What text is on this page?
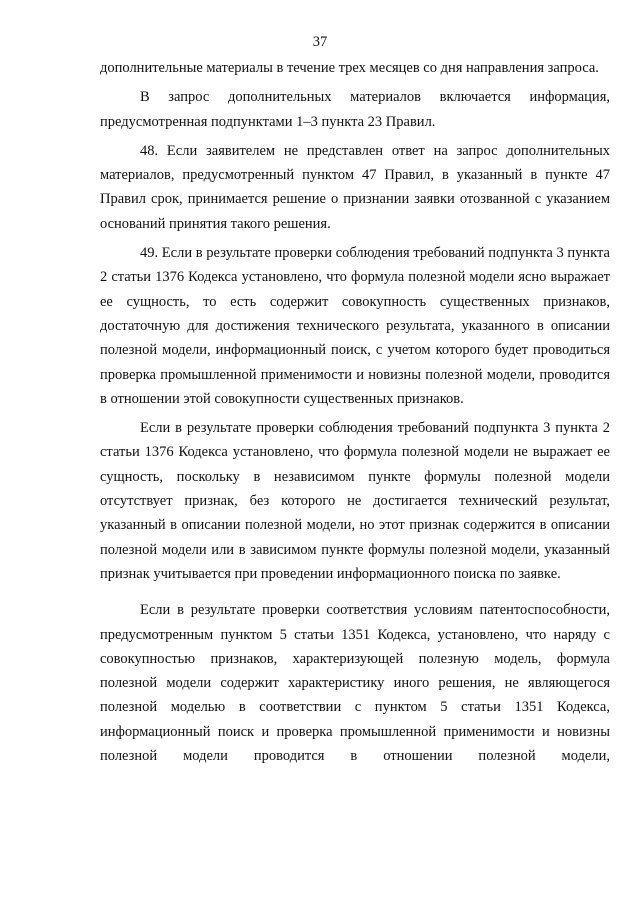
37

дополнительные материалы в течение трех месяцев со дня направления запроса.

В запрос дополнительных материалов включается информация, предусмотренная подпунктами 1–3 пункта 23 Правил.

48. Если заявителем не представлен ответ на запрос дополнительных материалов, предусмотренный пунктом 47 Правил, в указанный в пункте 47 Правил срок, принимается решение о признании заявки отозванной с указанием оснований принятия такого решения.

49. Если в результате проверки соблюдения требований подпункта 3 пункта 2 статьи 1376 Кодекса установлено, что формула полезной модели ясно выражает ее сущность, то есть содержит совокупность существенных признаков, достаточную для достижения технического результата, указанного в описании полезной модели, информационный поиск, с учетом которого будет проводиться проверка промышленной применимости и новизны полезной модели, проводится в отношении этой совокупности существенных признаков.

Если в результате проверки соблюдения требований подпункта 3 пункта 2 статьи 1376 Кодекса установлено, что формула полезной модели не выражает ее сущность, поскольку в независимом пункте формулы полезной модели отсутствует признак, без которого не достигается технический результат, указанный в описании полезной модели, но этот признак содержится в описании полезной модели или в зависимом пункте формулы полезной модели, указанный признак учитывается при проведении информационного поиска по заявке.

Если в результате проверки соответствия условиям патентоспособности, предусмотренным пунктом 5 статьи 1351 Кодекса, установлено, что наряду с совокупностью признаков, характеризующей полезную модель, формула полезной модели содержит характеристику иного решения, не являющегося полезной моделью в соответствии с пунктом 5 статьи 1351 Кодекса, информационный поиск и проверка промышленной применимости и новизны полезной модели проводится в отношении полезной модели,
